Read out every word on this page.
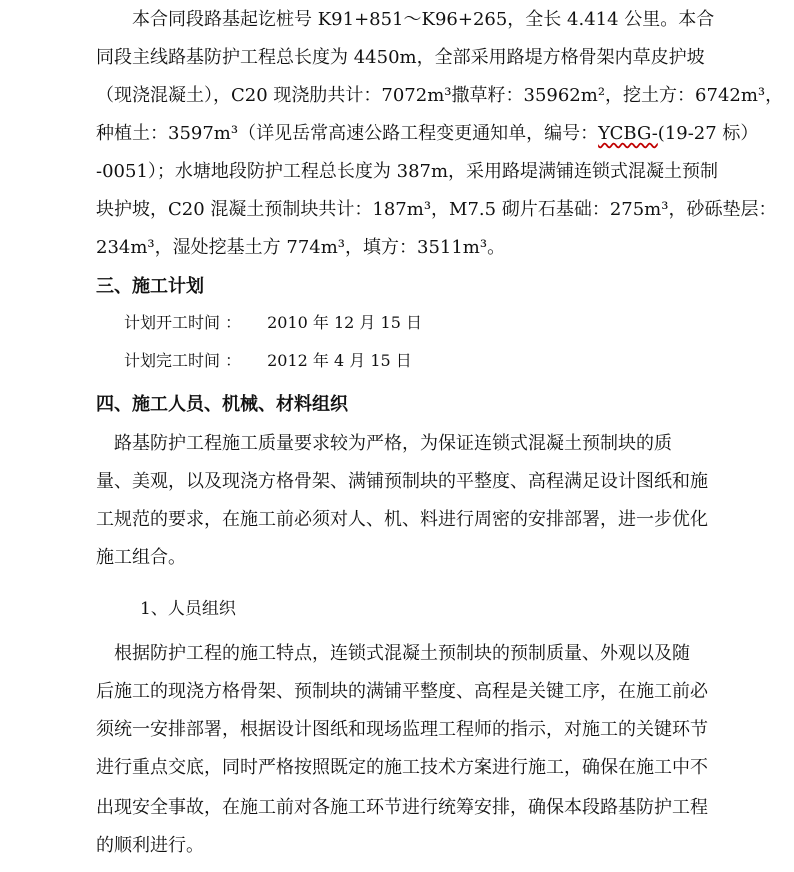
　　本合同段路基起讫桩号 K91+851～K96+265，全长 4.414 公里。本合
同段主线路基防护工程总长度为 4450m，全部采用路堤方格骨架内草皮护坡
（现浇混凝土），C20 现浇肋共计：7072m³撒草籽：35962m²，挖土方：6742m³，
种植土：3597m³（详见岳常高速公路工程变更通知单，编号：YCBG-(19-27 标）
-0051）；水塘地段防护工程总长度为 387m，采用路堤满铺连锁式混凝土预制
块护坡，C20 混凝土预制块共计：187m³，M7.5 砌片石基础：275m³，砂砾垫层：
234m³，湿处挖基土方 774m³，填方：3511m³。
三、施工计划
计划开工时间 ： 2010 年 12 月 15 日
计划完工时间 ： 2012 年 4 月 15 日
四、施工人员、机械、材料组织
　路基防护工程施工质量要求较为严格，为保证连锁式混凝土预制块的质
量、美观，以及现浇方格骨架、满铺预制块的平整度、高程满足设计图纸和施
工规范的要求，在施工前必须对人、机、料进行周密的安排部署，进一步优化
施工组合。
1、人员组织
　根据防护工程的施工特点，连锁式混凝土预制块的预制质量、外观以及随
后施工的现浇方格骨架、预制块的满铺平整度、高程是关键工序，在施工前必
须统一安排部署，根据设计图纸和现场监理工程师的指示，对施工的关键环节
进行重点交底，同时严格按照既定的施工技术方案进行施工，确保在施工中不
出现安全事故，在施工前对各施工环节进行统筹安排，确保本段路基防护工程
的顺利进行。
